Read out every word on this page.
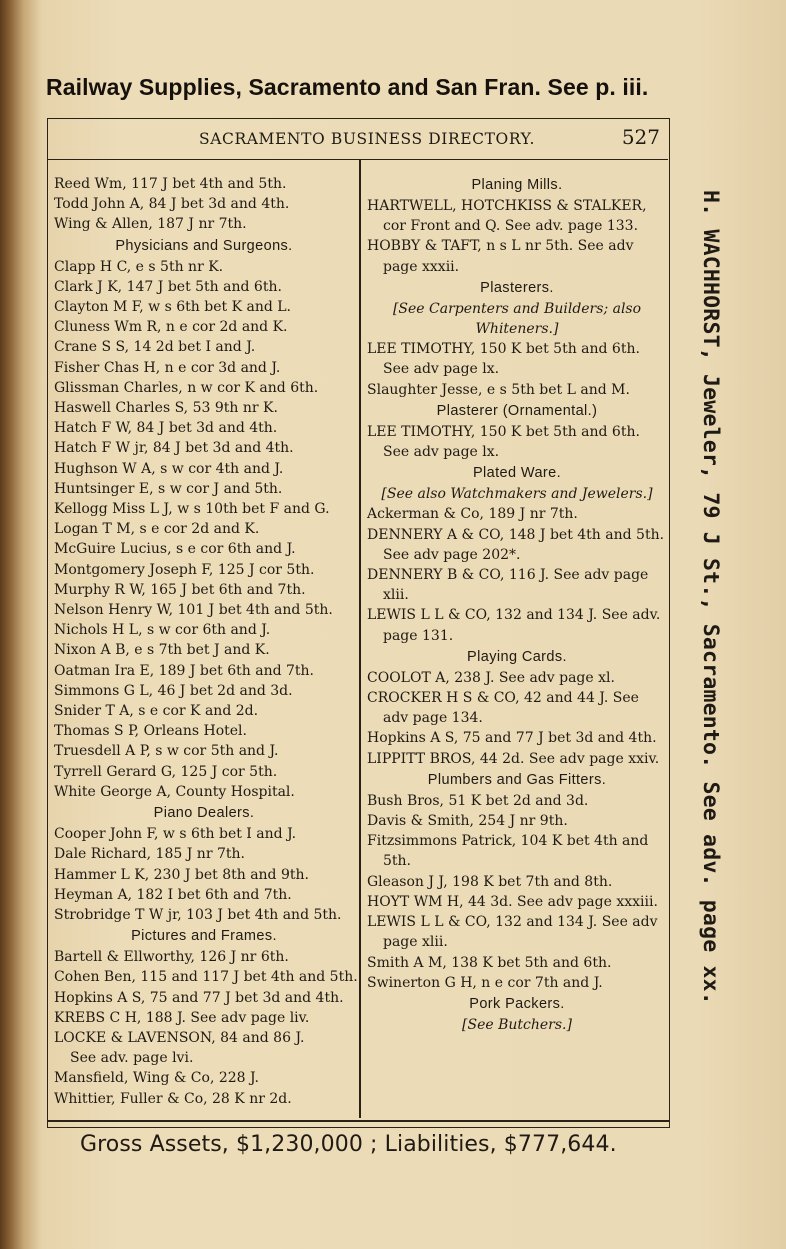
Railway Supplies, Sacramento and San Fran. See p. iii.
SACRAMENTO BUSINESS DIRECTORY.	527
Reed Wm, 117 J bet 4th and 5th.
Todd John A, 84 J bet 3d and 4th.
Wing & Allen, 187 J nr 7th.
Physicians and Surgeons.
Clapp H C, e s 5th nr K.
Clark J K, 147 J bet 5th and 6th.
Clayton M F, w s 6th bet K and L.
Cluness Wm R, n e cor 2d and K.
Crane S S, 14 2d bet I and J.
Fisher Chas H, n e cor 3d and J.
Glissman Charles, n w cor K and 6th.
Haswell Charles S, 53 9th nr K.
Hatch F W, 84 J bet 3d and 4th.
Hatch F W jr, 84 J bet 3d and 4th.
Hughson W A, s w cor 4th and J.
Huntsinger E, s w cor J and 5th.
Kellogg Miss L J, w s 10th bet F and G.
Logan T M, s e cor 2d and K.
McGuire Lucius, s e cor 6th and J.
Montgomery Joseph F, 125 J cor 5th.
Murphy R W, 165 J bet 6th and 7th.
Nelson Henry W, 101 J bet 4th and 5th.
Nichols H L, s w cor 6th and J.
Nixon A B, e s 7th bet J and K.
Oatman Ira E, 189 J bet 6th and 7th.
Simmons G L, 46 J bet 2d and 3d.
Snider T A, s e cor K and 2d.
Thomas S P, Orleans Hotel.
Truesdell A P, s w cor 5th and J.
Tyrrell Gerard G, 125 J cor 5th.
White George A, County Hospital.
Piano Dealers.
Cooper John F, w s 6th bet I and J.
Dale Richard, 185 J nr 7th.
Hammer L K, 230 J bet 8th and 9th.
Heyman A, 182 I bet 6th and 7th.
Strobridge T W jr, 103 J bet 4th and 5th.
Pictures and Frames.
Bartell & Ellworthy, 126 J nr 6th.
Cohen Ben, 115 and 117 J bet 4th and 5th.
Hopkins A S, 75 and 77 J bet 3d and 4th.
KREBS C H, 188 J. See adv page liv.
LOCKE & LAVENSON, 84 and 86 J.
See adv. page lvi.
Mansfield, Wing & Co, 228 J.
Whittier, Fuller & Co, 28 K nr 2d.
Planing Mills.
HARTWELL, HOTCHKISS & STALKER, cor Front and Q. See adv. page 133.
HOBBY & TAFT, n s L nr 5th. See adv page xxxii.
Plasterers.
[See Carpenters and Builders; also
Whiteners.]
LEE TIMOTHY, 150 K bet 5th and 6th. See adv page lx.
Slaughter Jesse, e s 5th bet L and M.
Plasterer (Ornamental.)
LEE TIMOTHY, 150 K bet 5th and 6th. See adv page lx.
Plated Ware.
[See also Watchmakers and Jewelers.]
Ackerman & Co, 189 J nr 7th.
DENNERY A & CO, 148 J bet 4th and 5th. See adv page 202*.
DENNERY B & CO, 116 J. See adv page xlii.
LEWIS L L & CO, 132 and 134 J. See adv. page 131.
Playing Cards.
COOLOT A, 238 J. See adv page xl.
CROCKER H S & CO, 42 and 44 J. See adv page 134.
Hopkins A S, 75 and 77 J bet 3d and 4th.
LIPPITT BROS, 44 2d. See adv page xxiv.
Plumbers and Gas Fitters.
Bush Bros, 51 K bet 2d and 3d.
Davis & Smith, 254 J nr 9th.
Fitzsimmons Patrick, 104 K bet 4th and 5th.
Gleason J J, 198 K bet 7th and 8th.
HOYT WM H, 44 3d. See adv page xxxiii.
LEWIS L L & CO, 132 and 134 J. See adv page xlii.
Smith A M, 138 K bet 5th and 6th.
Swinerton G H, n e cor 7th and J.
Pork Packers.
[See Butchers.]
H. WACHHORST, Jeweler, 79 J St., Sacramento. See adv. page xx.
Gross Assets, $1,230,000 ; Liabilities, $777,644.
